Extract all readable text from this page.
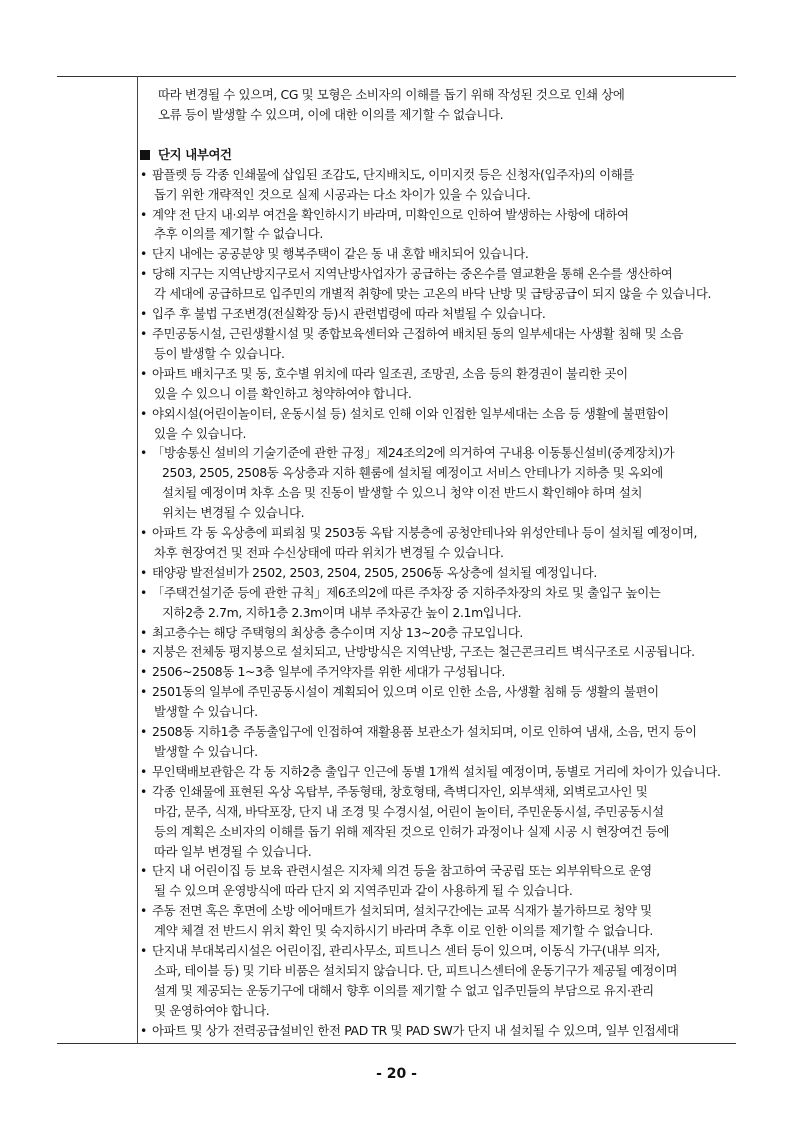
따라 변경될 수 있으며, CG 및 모형은 소비자의 이해를 돕기 위해 작성된 것으로 인쇄 상에
오류 등이 발생할 수 있으며, 이에 대한 이의를 제기할 수 없습니다.
단지 내부여건
• 팜플렛 등 각종 인쇄물에 삽입된 조감도, 단지배치도, 이미지컷 등은 신청자(입주자)의 이해를
돕기 위한 개략적인 것으로 실제 시공과는 다소 차이가 있을 수 있습니다.
• 계약 전 단지 내·외부 여건을 확인하시기 바라며, 미확인으로 인하여 발생하는 사항에 대하여
추후 이의를 제기할 수 없습니다.
• 단지 내에는 공공분양 및 행복주택이 같은 동 내 혼합 배치되어 있습니다.
• 당해 지구는 지역난방지구로서 지역난방사업자가 공급하는 중온수를 열교환을 통해 온수를 생산하여
각 세대에 공급하므로 입주민의 개별적 취향에 맞는 고온의 바닥 난방 및 급탕공급이 되지 않을 수 있습니다.
• 입주 후 불법 구조변경(전실확장 등)시 관련법령에 따라 처벌될 수 있습니다.
• 주민공동시설, 근린생활시설 및 종합보육센터와 근접하여 배치된 동의 일부세대는 사생활 침해 및 소음
등이 발생할 수 있습니다.
• 아파트 배치구조 및 동, 호수별 위치에 따라 일조권, 조망권, 소음 등의 환경권이 불리한 곳이
있을 수 있으니 이를 확인하고 청약하여야 합니다.
• 야외시설(어린이놀이터, 운동시설 등) 설치로 인해 이와 인접한 일부세대는 소음 등 생활에 불편함이
있을 수 있습니다.
• 「방송통신 설비의 기술기준에 관한 규정」제24조의2에 의거하여 구내용 이동통신설비(중계장치)가
2503, 2505, 2508동 옥상층과 지하 휀룸에 설치될 예정이고 서비스 안테나가 지하층 및 옥외에
설치될 예정이며 차후 소음 및 진동이 발생할 수 있으니 청약 이전 반드시 확인해야 하며 설치
위치는 변경될 수 있습니다.
• 아파트 각 동 옥상층에 피뢰침 및 2503동 옥탑 지붕층에 공청안테나와 위성안테나 등이 설치될 예정이며,
차후 현장여건 및 전파 수신상태에 따라 위치가 변경될 수 있습니다.
• 태양광 발전설비가 2502, 2503, 2504, 2505, 2506동 옥상층에 설치될 예정입니다.
• 「주택건설기준 등에 관한 규칙」제6조의2에 따른 주차장 중 지하주차장의 차로 및 출입구 높이는
지하2층 2.7m, 지하1층 2.3m이며 내부 주차공간 높이 2.1m입니다.
• 최고층수는 해당 주택형의 최상층 층수이며 지상 13~20층 규모입니다.
• 지붕은 전체동 평지붕으로 설치되고, 난방방식은 지역난방, 구조는 철근콘크리트 벽식구조로 시공됩니다.
• 2506~2508동 1~3층 일부에 주거약자를 위한 세대가 구성됩니다.
• 2501동의 일부에 주민공동시설이 계획되어 있으며 이로 인한 소음, 사생활 침해 등 생활의 불편이
발생할 수 있습니다.
• 2508동 지하1층 주동출입구에 인접하여 재활용품 보관소가 설치되며, 이로 인하여 냄새, 소음, 먼지 등이
발생할 수 있습니다.
• 무인택배보관함은 각 동 지하2층 출입구 인근에 동별 1개씩 설치될 예정이며, 동별로 거리에 차이가 있습니다.
• 각종 인쇄물에 표현된 옥상 옥탑부, 주동형태, 창호형태, 측벽디자인, 외부색채, 외벽로고사인 및
마감, 문주, 식재, 바닥포장, 단지 내 조경 및 수경시설, 어린이 놀이터, 주민운동시설, 주민공동시설
등의 계획은 소비자의 이해를 돕기 위해 제작된 것으로 인허가 과정이나 실제 시공 시 현장여건 등에
따라 일부 변경될 수 있습니다.
• 단지 내 어린이집 등 보육 관련시설은 지자체 의견 등을 참고하여 국공립 또는 외부위탁으로 운영
될 수 있으며 운영방식에 따라 단지 외 지역주민과 같이 사용하게 될 수 있습니다.
• 주동 전면 혹은 후면에 소방 에어매트가 설치되며, 설치구간에는 교목 식재가 불가하므로 청약 및
계약 체결 전 반드시 위치 확인 및 숙지하시기 바라며 추후 이로 인한 이의를 제기할 수 없습니다.
• 단지내 부대복리시설은 어린이집, 관리사무소, 피트니스 센터 등이 있으며, 이동식 가구(내부 의자,
소파, 테이블 등) 및 기타 비품은 설치되지 않습니다. 단, 피트니스센터에 운동기구가 제공될 예정이며
설계 및 제공되는 운동기구에 대해서 향후 이의를 제기할 수 없고 입주민들의 부담으로 유지·관리
및 운영하여야 합니다.
• 아파트 및 상가 전력공급설비인 한전 PAD TR 및 PAD SW가 단지 내 설치될 수 있으며, 일부 인접세대
- 20 -
